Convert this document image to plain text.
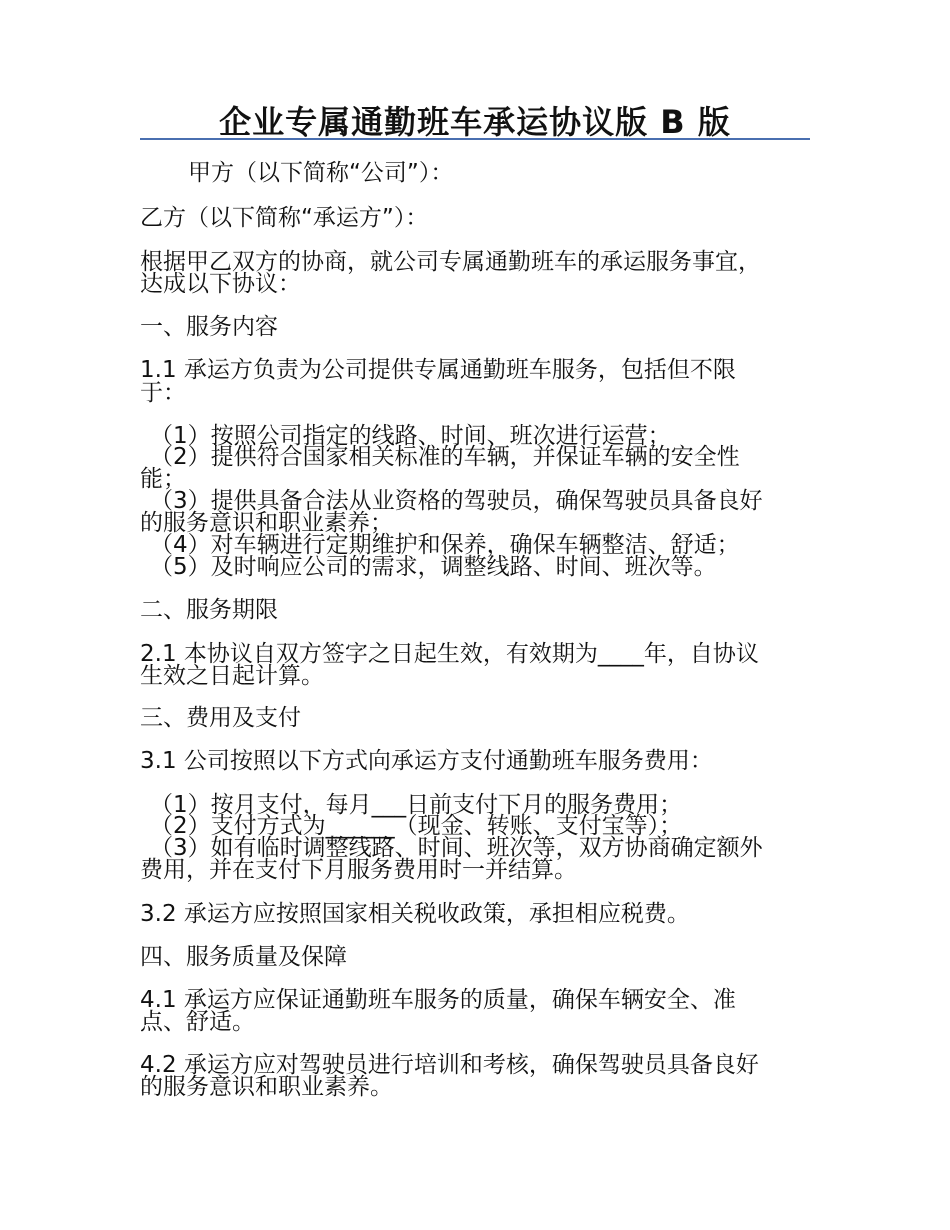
企业专属通勤班车承运协议版 B 版

甲方（以下简称“公司”）：

乙方（以下简称“承运方”）：

根据甲乙双方的协商，就公司专属通勤班车的承运服务事宜，

达成以下协议：

一、服务内容

1.1 承运方负责为公司提供专属通勤班车服务，包括但不限

于：

（1）按照公司指定的线路、时间、班次进行运营；

（2）提供符合国家相关标准的车辆，并保证车辆的安全性

能；

（3）提供具备合法从业资格的驾驶员，确保驾驶员具备良好

的服务意识和职业素养；

（4）对车辆进行定期维护和保养，确保车辆整洁、舒适；

（5）及时响应公司的需求，调整线路、时间、班次等。

二、服务期限

2.1 本协议自双方签字之日起生效，有效期为____年，自协议

生效之日起计算。

三、费用及支付

3.1 公司按照以下方式向承运方支付通勤班车服务费用：

（1）按月支付，每月___日前支付下月的服务费用；

（2）支付方式为______（现金、转账、支付宝等）；

（3）如有临时调整线路、时间、班次等，双方协商确定额外

费用，并在支付下月服务费用时一并结算。

3.2 承运方应按照国家相关税收政策，承担相应税费。

四、服务质量及保障

4.1 承运方应保证通勤班车服务的质量，确保车辆安全、准

点、舒适。

4.2 承运方应对驾驶员进行培训和考核，确保驾驶员具备良好

的服务意识和职业素养。
